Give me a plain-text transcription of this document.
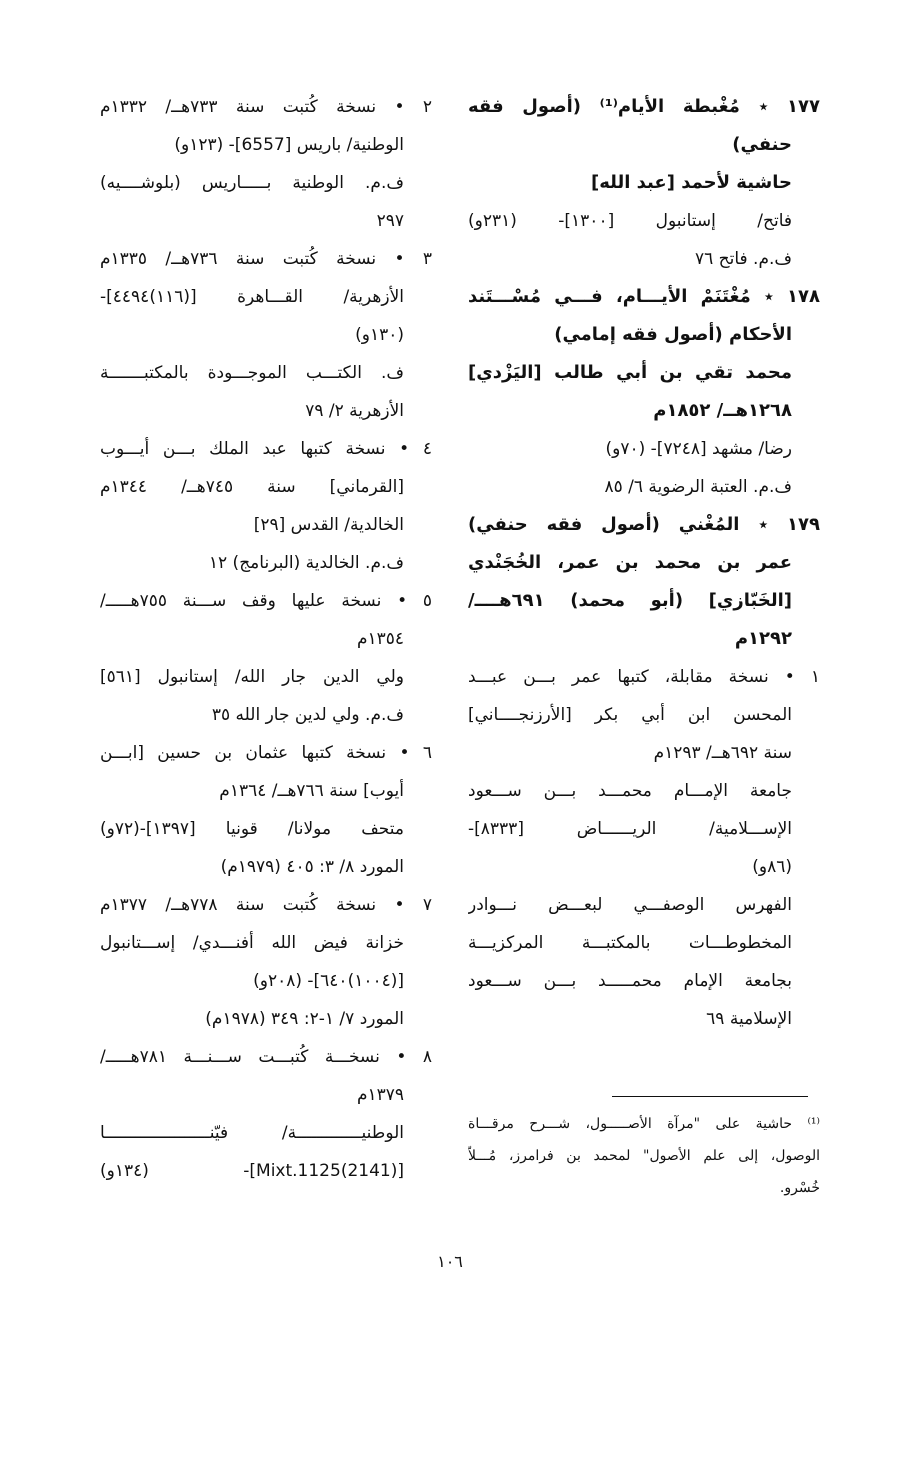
١٧٧ ٭ مُغْبطة الأيام⁽¹⁾ (أصول فقه
حنفي)
حاشية لأحمد [عبد الله]
فاتح/ إستانبول [١٣٠٠]- (٢٣١و)
ف.م. فاتح ٧٦
١٧٨ ٭ مُغْتَنَمْ الأيـــام، فـــي مُسْـــتَند
الأحكام (أصول فقه إمامي)
محمد تقي بن أبي طالب [اليَزْدي]
١٢٦٨هــ/ ١٨٥٢م
رضا/ مشهد [٧٢٤٨]- (٧٠و)
ف.م. العتبة الرضوية ٦/ ٨٥
١٧٩ ٭ المُغْني (أصول فقه حنفي)
عمر بن محمد بن عمر، الخُجَنْدي
[الخَبّازي] (أبو محمد) ٦٩١هــــ/
١٢٩٢م
١ • نسخة مقابلة، كتبها عمر بـــن عبـــد
المحسن ابن أبي بكر [الأرزنجــــاني]
سنة ٦٩٢هــ/ ١٢٩٣م
جامعة الإمـــام محمـــد بـــن ســـعود
الإســـلامية/ الريــــــاض [٨٣٣٣]-
(٨٦و)
الفهرس الوصفـــي لبعـــض نـــوادر
المخطوطـــات بالمكتبـــة المركزيـــة
بجامعة الإمام محمـــــد بـــن ســـعود
الإسلامية ٦٩
٢ • نسخة كُتبت سنة ٧٣٣هــ/ ١٣٣٢م
الوطنية/ باريس [6557]- (١٢٣و)
ف.م. الوطنية بـــــاريس (بلوشــــيه)
٢٩٧
٣ • نسخة كُتبت سنة ٧٣٦هــ/ ١٣٣٥م
الأزهرية/ القـــاهرة [(١١٦)٤٤٩٤]-
(١٣٠و)
ف. الكتـــب الموجـــودة بالمكتبـــــــة
الأزهرية ٢/ ٧٩
٤ • نسخة كتبها عبد الملك بـــن أيـــوب
[القرماني] سنة ٧٤٥هــ/ ١٣٤٤م
الخالدية/ القدس [٢٩]
ف.م. الخالدية (البرنامج) ١٢
٥ • نسخة عليها وقف ســـنة ٧٥٥هـــــ/
١٣٥٤م
ولي الدين جار الله/ إستانبول [٥٦١]
ف.م. ولي لدين جار الله ٣٥
٦ • نسخة كتبها عثمان بن حسين [ابـــن
أيوب] سنة ٧٦٦هــ/ ١٣٦٤م
متحف مولانا/ قونيا [١٣٩٧]-(٧٢و)
المورد ٨/ ٣: ٤٠٥ (١٩٧٩م)
٧ • نسخة كُتبت سنة ٧٧٨هــ/ ١٣٧٧م
خزانة فيض الله أفنـــدي/ إســـتانبول
[(١٠٠٤)٦٤٠]- (٢٠٨و)
المورد ٧/ ١-٢: ٣٤٩ (١٩٧٨م)
٨ • نسخـــة كُتبـــت ســـنـــة ٧٨١هـــــ/
١٣٧٩م
الوطنيـــــــــــــة/ فيّنـــــــــــــــــــــا
[(2141)Mixt.1125]- (١٣٤و)
⁽¹⁾ حاشية على "مرآة الأصـــــول، شـــرح مرقـــاة
الوصول، إلى علم الأصول" لمحمد بن فرامرز، مُـــلاّ
خُسْرو.
١٠٦
